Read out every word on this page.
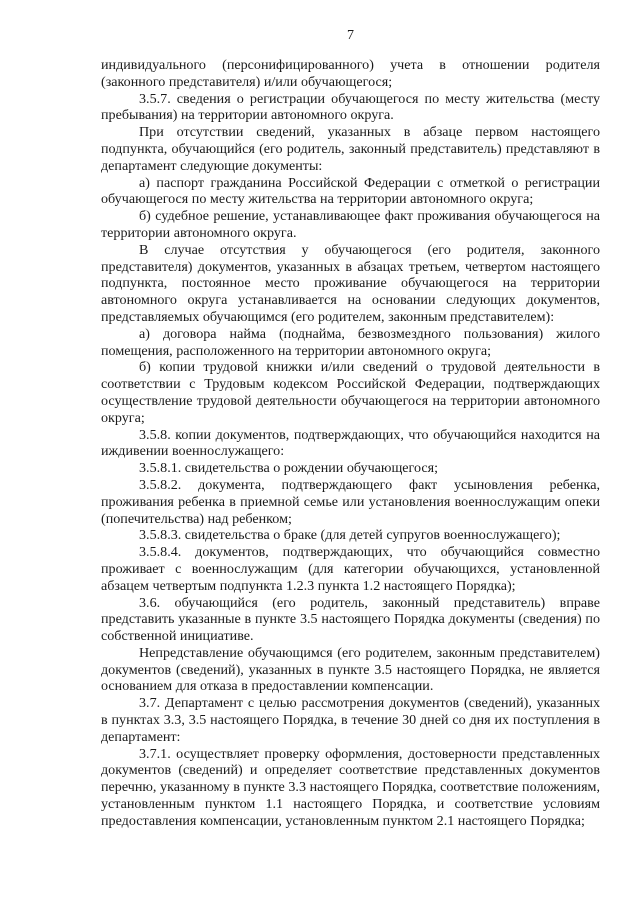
7

индивидуального (персонифицированного) учета в отношении родителя (законного представителя) и/или обучающегося;

3.5.7. сведения о регистрации обучающегося по месту жительства (месту пребывания) на территории автономного округа.

При отсутствии сведений, указанных в абзаце первом настоящего подпункта, обучающийся (его родитель, законный представитель) представляют в департамент следующие документы:

а) паспорт гражданина Российской Федерации с отметкой о регистрации обучающегося по месту жительства на территории автономного округа;

б) судебное решение, устанавливающее факт проживания обучающегося на территории автономного округа.

В случае отсутствия у обучающегося (его родителя, законного представителя) документов, указанных в абзацах третьем, четвертом настоящего подпункта, постоянное место проживание обучающегося на территории автономного округа устанавливается на основании следующих документов, представляемых обучающимся (его родителем, законным представителем):

а) договора найма (поднайма, безвозмездного пользования) жилого помещения, расположенного на территории автономного округа;

б) копии трудовой книжки и/или сведений о трудовой деятельности в соответствии с Трудовым кодексом Российской Федерации, подтверждающих осуществление трудовой деятельности обучающегося на территории автономного округа;

3.5.8. копии документов, подтверждающих, что обучающийся находится на иждивении военнослужащего:

3.5.8.1. свидетельства о рождении обучающегося;

3.5.8.2. документа, подтверждающего факт усыновления ребенка, проживания ребенка в приемной семье или установления военнослужащим опеки (попечительства) над ребенком;

3.5.8.3. свидетельства о браке (для детей супругов военнослужащего);

3.5.8.4. документов, подтверждающих, что обучающийся совместно проживает с военнослужащим (для категории обучающихся, установленной абзацем четвертым подпункта 1.2.3 пункта 1.2 настоящего Порядка);

3.6. обучающийся (его родитель, законный представитель) вправе представить указанные в пункте 3.5 настоящего Порядка документы (сведения) по собственной инициативе.

Непредставление обучающимся (его родителем, законным представителем) документов (сведений), указанных в пункте 3.5 настоящего Порядка, не является основанием для отказа в предоставлении компенсации.

3.7. Департамент с целью рассмотрения документов (сведений), указанных в пунктах 3.3, 3.5 настоящего Порядка, в течение 30 дней со дня их поступления в департамент:

3.7.1. осуществляет проверку оформления, достоверности представленных документов (сведений) и определяет соответствие представленных документов перечню, указанному в пункте 3.3 настоящего Порядка, соответствие положениям, установленным пунктом 1.1 настоящего Порядка, и соответствие условиям предоставления компенсации, установленным пунктом 2.1 настоящего Порядка;
